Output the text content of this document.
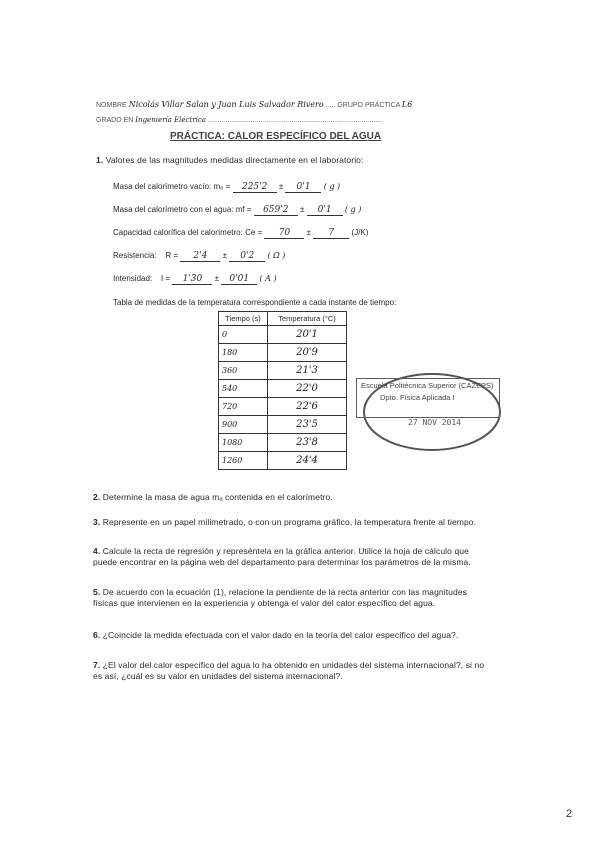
NOMBRE Nicolás Villar Salan y Juan Luis Salvador Rivero ..... GRUPO PRÁCTICA L6
GRADO EN Ingeniería Eléctrica ..........................................................................................
PRÁCTICA: CALOR ESPECÍFICO DEL AGUA
1. Valores de las magnitudes medidas directamente en el laboratorio:
Masa del calorímetro vacío: m₀ = 225'2 ± 0'1 ( g )
Masa del calorímetro con el agua: mf = 659'2 ± 0'1 ( g )
Capacidad calorífica del calorímetro: Ce = 70 ± 7 (J/K)
Resistencia: R = 2'4 ± 0'2 ( Ω )
Intensidad: I = 1'30 ± 0'01 ( A )
Tabla de medidas de la temperatura correspondiente a cada instante de tiempo:
Tiempo (s)	Temperatura (°C)
0	20'1
180	20'9
360	21'3
540	22'0
720	22'6
900	23'5
1080	23'8
1260	24'4
Escuela Politécnica Superior (CAZEPS)
Dpto. Física Aplicada I
27 NOV 2014
2. Determine la masa de agua mₐ contenida en el calorímetro.
3. Represente en un papel milimetrado, o con un programa gráfico, la temperatura frente al tiempo.
4. Calcule la recta de regresión y represéntela en la gráfica anterior. Utilice la hoja de cálculo que puede encontrar en la página web del departamento para determinar los parámetros de la misma.
5. De acuerdo con la ecuación (1), relacione la pendiente de la recta anterior con las magnitudes físicas que intervienen en la experiencia y obtenga el valor del calor específico del agua.
6. ¿Coincide la medida efectuada con el valor dado en la teoría del calor específico del agua?.
7. ¿El valor del calor específico del agua lo ha obtenido en unidades del sistema internacional?, si no es así, ¿cuál es su valor en unidades del sistema internacional?.
2
